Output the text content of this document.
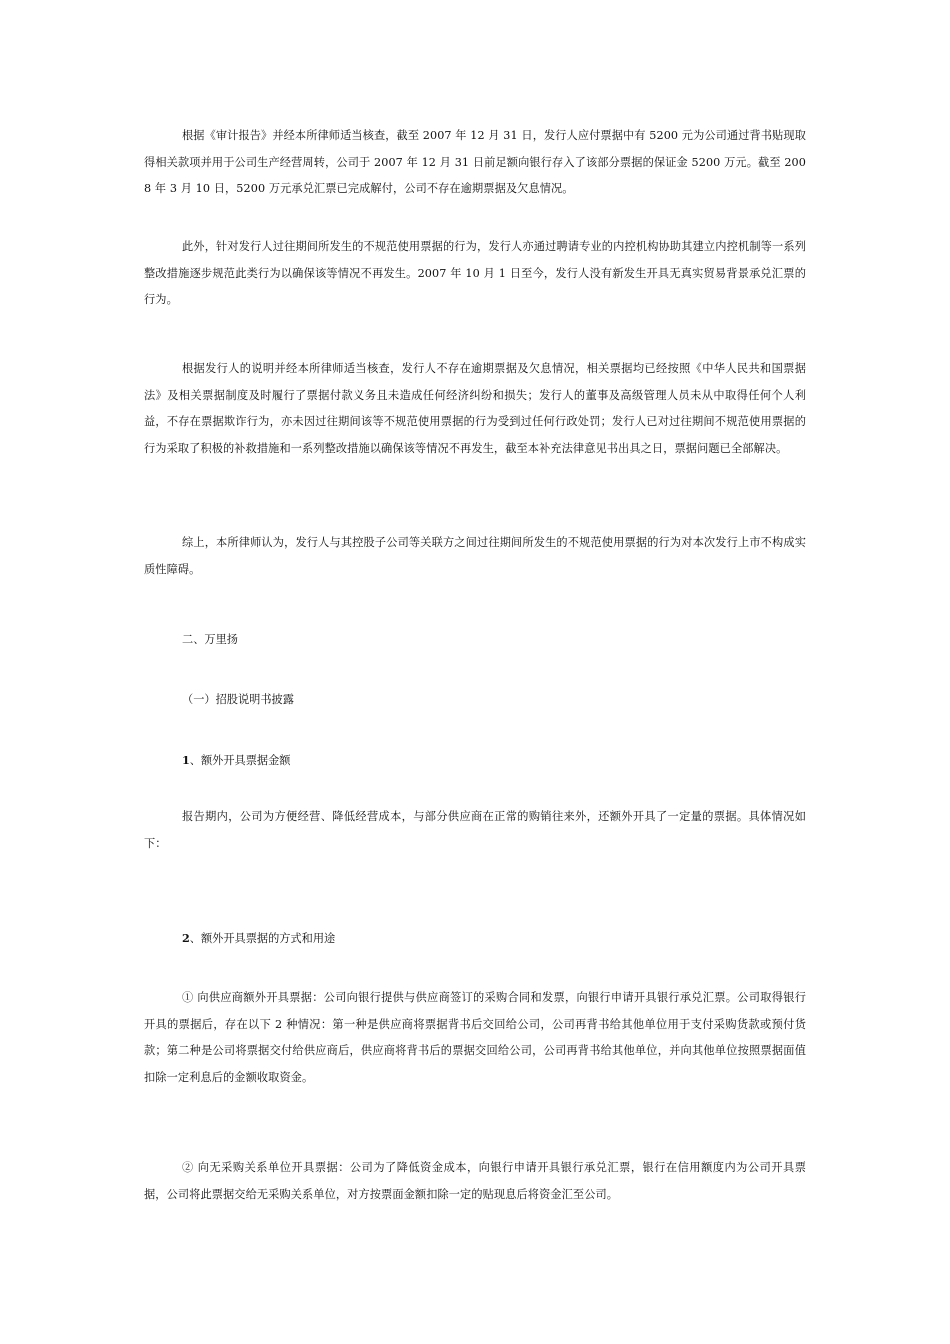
根据《审计报告》并经本所律师适当核查，截至 2007 年 12 月 31 日，发行人应付票据中有 5200 元为公司通过背书贴现取得相关款项并用于公司生产经营周转，公司于 2007 年 12 月 31 日前足额向银行存入了该部分票据的保证金 5200 万元。截至 2008 年 3 月 10 日，5200 万元承兑汇票已完成解付，公司不存在逾期票据及欠息情况。

此外，针对发行人过往期间所发生的不规范使用票据的行为，发行人亦通过聘请专业的内控机构协助其建立内控机制等一系列整改措施逐步规范此类行为以确保该等情况不再发生。2007 年 10 月 1 日至今，发行人没有新发生开具无真实贸易背景承兑汇票的行为。

根据发行人的说明并经本所律师适当核查，发行人不存在逾期票据及欠息情况，相关票据均已经按照《中华人民共和国票据法》及相关票据制度及时履行了票据付款义务且未造成任何经济纠纷和损失；发行人的董事及高级管理人员未从中取得任何个人利益，不存在票据欺诈行为，亦未因过往期间该等不规范使用票据的行为受到过任何行政处罚；发行人已对过往期间不规范使用票据的行为采取了积极的补救措施和一系列整改措施以确保该等情况不再发生，截至本补充法律意见书出具之日，票据问题已全部解决。

综上，本所律师认为，发行人与其控股子公司等关联方之间过往期间所发生的不规范使用票据的行为对本次发行上市不构成实质性障碍。

二、万里扬
（一）招股说明书披露
1、额外开具票据金额

报告期内，公司为方便经营、降低经营成本，与部分供应商在正常的购销往来外，还额外开具了一定量的票据。具体情况如下：

2、额外开具票据的方式和用途

① 向供应商额外开具票据：公司向银行提供与供应商签订的采购合同和发票，向银行申请开具银行承兑汇票。公司取得银行开具的票据后，存在以下 2 种情况：第一种是供应商将票据背书后交回给公司，公司再背书给其他单位用于支付采购货款或预付货款；第二种是公司将票据交付给供应商后，供应商将背书后的票据交回给公司，公司再背书给其他单位，并向其他单位按照票据面值扣除一定利息后的金额收取资金。

② 向无采购关系单位开具票据：公司为了降低资金成本，向银行申请开具银行承兑汇票，银行在信用额度内为公司开具票据，公司将此票据交给无采购关系单位，对方按票面金额扣除一定的贴现息后将资金汇至公司。
